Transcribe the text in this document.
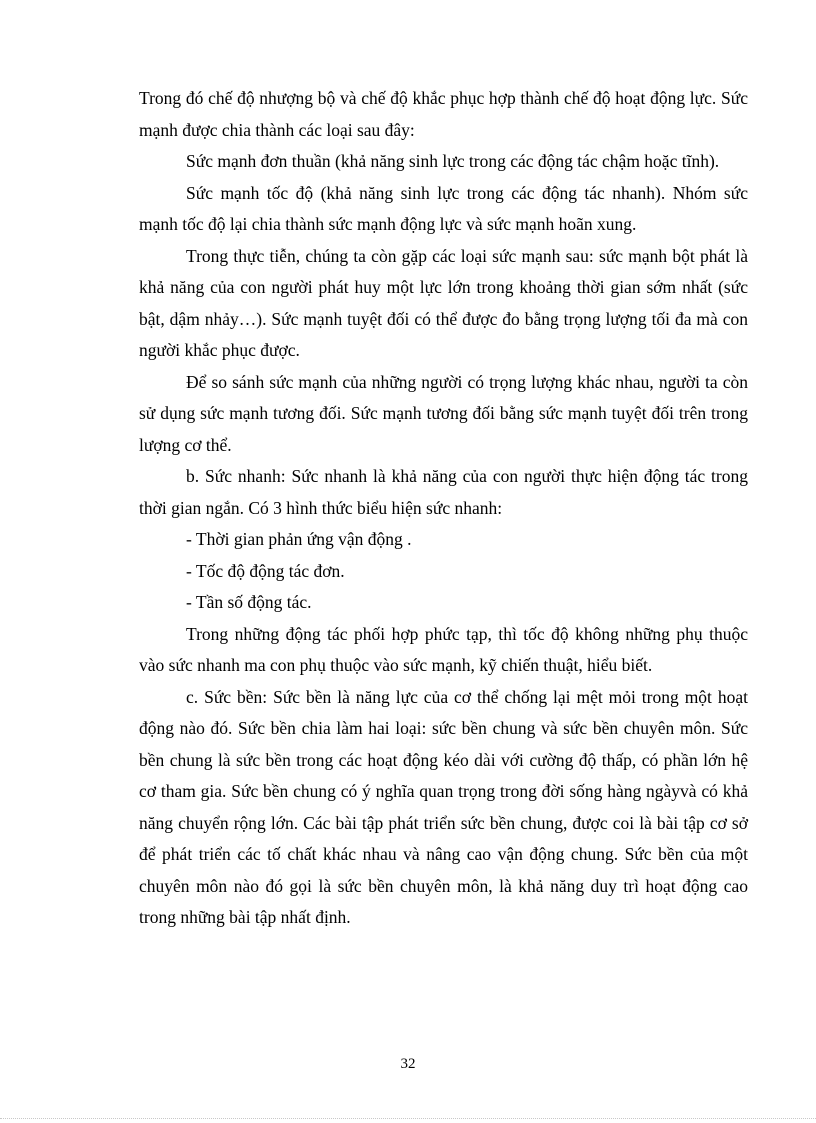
Trong đó chế độ nhượng bộ và chế độ khắc phục hợp thành chế độ hoạt động lực. Sức mạnh được chia thành các loại sau đây:

Sức mạnh đơn thuần (khả năng sinh lực trong các động tác chậm hoặc tĩnh).

Sức mạnh tốc độ (khả năng sinh lực trong các động tác nhanh). Nhóm sức mạnh tốc độ lại chia thành sức mạnh động lực và sức mạnh hoãn xung.

Trong thực tiễn, chúng ta còn gặp các loại sức mạnh sau: sức mạnh bột phát là khả năng của con người phát huy một lực lớn trong khoảng thời gian sớm nhất (sức bật, dậm nhảy…). Sức mạnh tuyệt đối có thể được đo bằng trọng lượng tối đa mà con người khắc phục được.

Để so sánh sức mạnh của những người có trọng lượng khác nhau, người ta còn sử dụng sức mạnh tương đối. Sức mạnh tương đối bằng sức mạnh tuyệt đối trên trong lượng cơ thể.

b. Sức nhanh: Sức nhanh là khả năng của con người thực hiện động tác trong thời gian ngắn. Có 3 hình thức biểu hiện sức nhanh:

- Thời gian phản ứng vận động .

- Tốc độ động tác đơn.

- Tần số động tác.

Trong những động tác phối hợp phức tạp, thì tốc độ không những phụ thuộc vào sức nhanh ma con phụ thuộc vào sức mạnh, kỹ chiến thuật, hiểu biết.

c. Sức bền: Sức bền là năng lực của cơ thể chống lại mệt mỏi trong một hoạt động nào đó. Sức bền chia làm hai loại: sức bền chung và sức bền chuyên môn. Sức bền chung là sức bền trong các hoạt động kéo dài với cường độ thấp, có phần lớn hệ cơ tham gia. Sức bền chung có ý nghĩa quan trọng trong đời sống hàng ngàyvà có khả năng chuyển rộng lớn. Các bài tập phát triển sức bền chung, được coi là bài tập cơ sở để phát triển các tố chất khác nhau và nâng cao vận động chung. Sức bền của một chuyên môn nào đó gọi là sức bền chuyên môn, là khả năng duy trì hoạt động cao trong những bài tập nhất định.

32
